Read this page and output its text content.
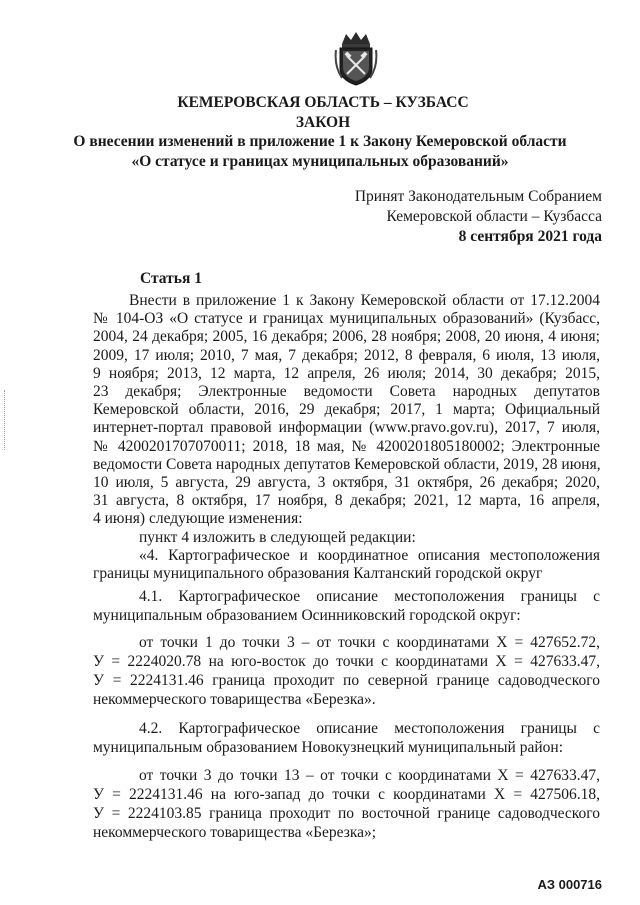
КЕМЕРОВСКАЯ ОБЛАСТЬ – КУЗБАСС
ЗАКОН
О внесении изменений в приложение 1 к Закону Кемеровской области
«О статусе и границах муниципальных образований»
Принят Законодательным Собранием
Кемеровской области – Кузбасса
8 сентября 2021 года
Статья 1
Внести в приложение 1 к Закону Кемеровской области от 17.12.2004
№ 104-ОЗ «О статусе и границах муниципальных образований» (Кузбасс,
2004, 24 декабря; 2005, 16 декабря; 2006, 28 ноября; 2008, 20 июня, 4 июня;
2009, 17 июля; 2010, 7 мая, 7 декабря; 2012, 8 февраля, 6 июля, 13 июля,
9 ноября; 2013, 12 марта, 12 апреля, 26 июля; 2014, 30 декабря; 2015,
23 декабря; Электронные ведомости Совета народных депутатов
Кемеровской области, 2016, 29 декабря; 2017, 1 марта; Официальный
интернет-портал правовой информации (www.pravo.gov.ru), 2017, 7 июля,
№ 4200201707070011; 2018, 18 мая, № 4200201805180002; Электронные
ведомости Совета народных депутатов Кемеровской области, 2019, 28 июня,
10 июля, 5 августа, 29 августа, 3 октября, 31 октября, 26 декабря; 2020,
31 августа, 8 октября, 17 ноября, 8 декабря; 2021, 12 марта, 16 апреля,
4 июня) следующие изменения:
пункт 4 изложить в следующей редакции:
«4. Картографическое и координатное описания местоположения
границы муниципального образования Калтанский городской округ
4.1. Картографическое описание местоположения границы с
муниципальным образованием Осинниковский городской округ:
от точки 1 до точки 3 – от точки с координатами Х = 427652.72,
У = 2224020.78 на юго-восток до точки с координатами Х = 427633.47,
У = 2224131.46 граница проходит по северной границе садоводческого
некоммерческого товарищества «Березка».
4.2. Картографическое описание местоположения границы с
муниципальным образованием Новокузнецкий муниципальный район:
от точки 3 до точки 13 – от точки с координатами Х = 427633.47,
У = 2224131.46 на юго-запад до точки с координатами Х = 427506.18,
У = 2224103.85 граница проходит по восточной границе садоводческого
некоммерческого товарищества «Березка»;
АЗ 000716
